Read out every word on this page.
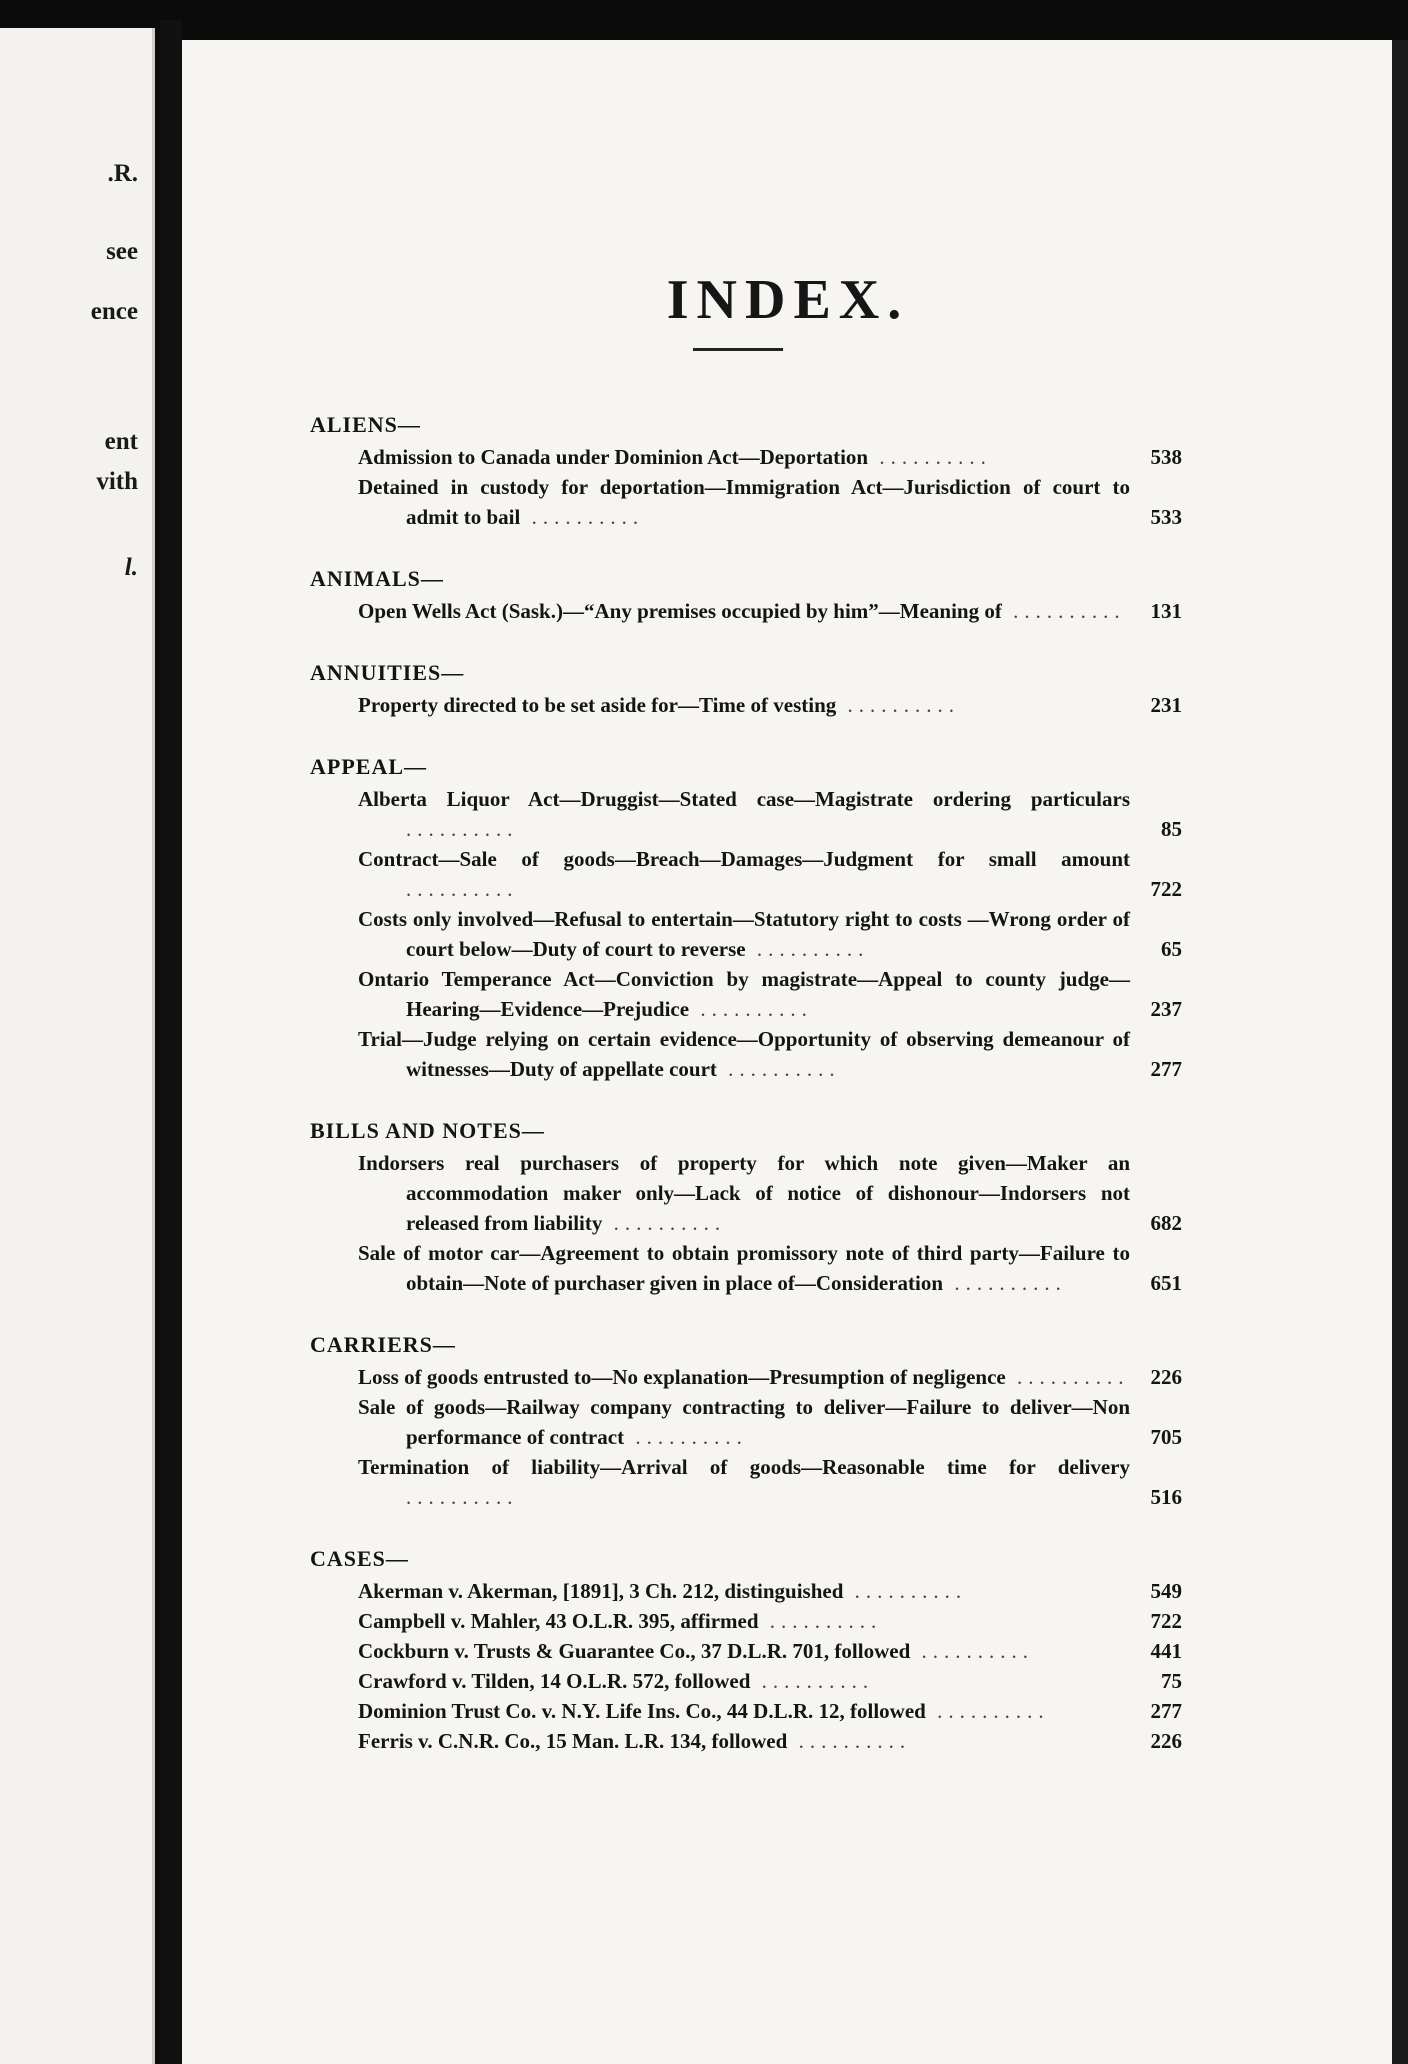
.R.
see
ence
ent
vith
l.
INDEX.
ALIENS—
Admission to Canada under Dominion Act—Deportation ..........	538
Detained in custody for deportation—Immigration Act—Jurisdiction of court to admit to bail ..........	533
ANIMALS—
Open Wells Act (Sask.)—“Any premises occupied by him”—Meaning of ..........	131
ANNUITIES—
Property directed to be set aside for—Time of vesting ..........	231
APPEAL—
Alberta Liquor Act—Druggist—Stated case—Magistrate ordering particulars ..........	85
Contract—Sale of goods—Breach—Damages—Judgment for small amount ..........	722
Costs only involved—Refusal to entertain—Statutory right to costs —Wrong order of court below—Duty of court to reverse ..........	65
Ontario Temperance Act—Conviction by magistrate—Appeal to county judge—Hearing—Evidence—Prejudice ..........	237
Trial—Judge relying on certain evidence—Opportunity of observing demeanour of witnesses—Duty of appellate court ..........	277
BILLS AND NOTES—
Indorsers real purchasers of property for which note given—Maker an accommodation maker only—Lack of notice of dishonour—Indorsers not released from liability ..........	682
Sale of motor car—Agreement to obtain promissory note of third party—Failure to obtain—Note of purchaser given in place of—Consideration ..........	651
CARRIERS—
Loss of goods entrusted to—No explanation—Presumption of negligence ..........	226
Sale of goods—Railway company contracting to deliver—Failure to deliver—Non performance of contract ..........	705
Termination of liability—Arrival of goods—Reasonable time for delivery ..........	516
CASES—
Akerman v. Akerman, [1891], 3 Ch. 212, distinguished ..........	549
Campbell v. Mahler, 43 O.L.R. 395, affirmed ..........	722
Cockburn v. Trusts & Guarantee Co., 37 D.L.R. 701, followed ..........	441
Crawford v. Tilden, 14 O.L.R. 572, followed ..........	75
Dominion Trust Co. v. N.Y. Life Ins. Co., 44 D.L.R. 12, followed ..........	277
Ferris v. C.N.R. Co., 15 Man. L.R. 134, followed ..........	226
